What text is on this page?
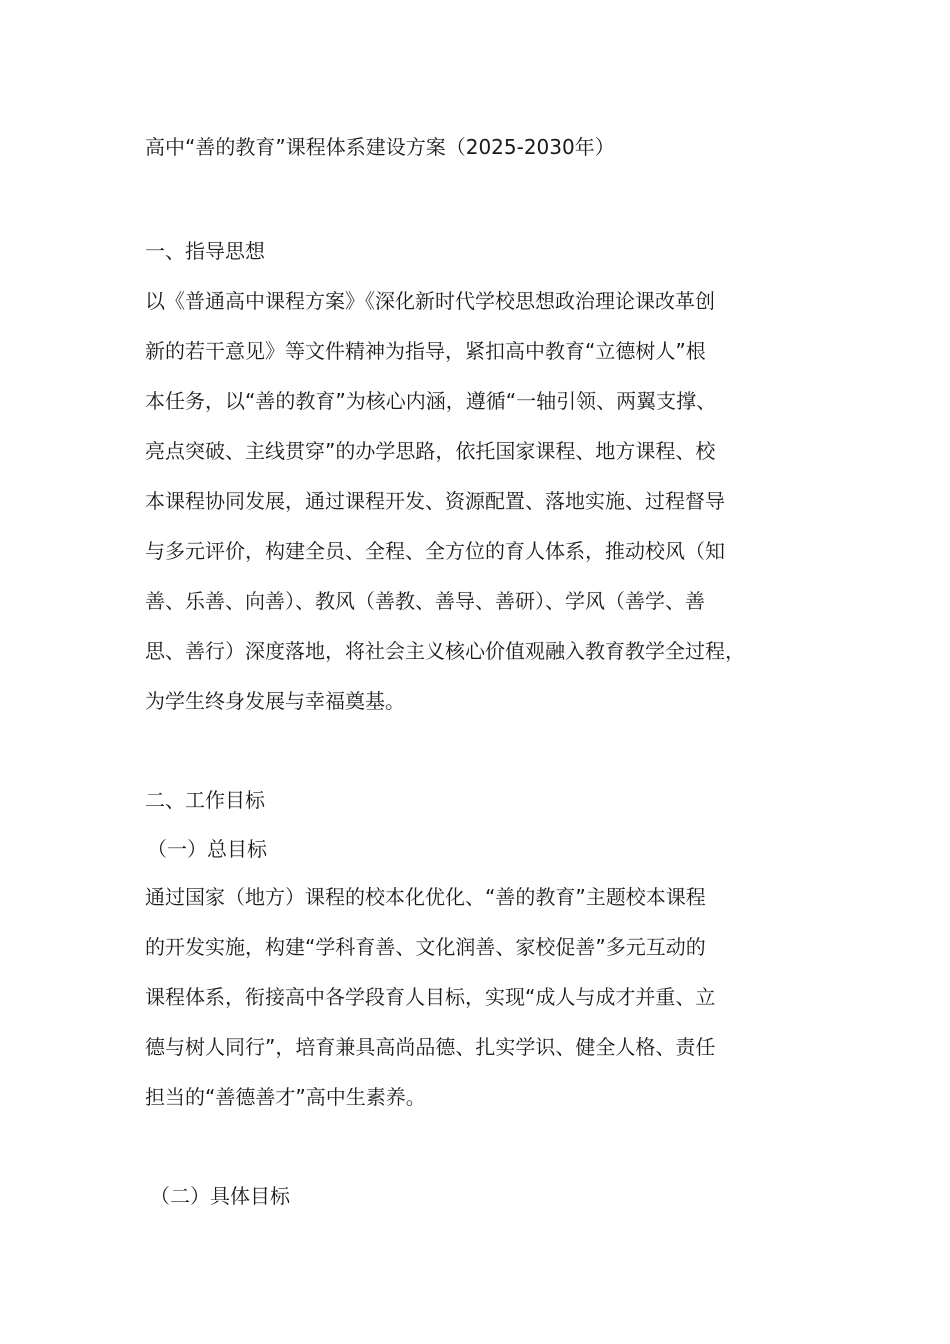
高中“善的教育”课程体系建设方案（2025-2030年）
一、指导思想
以《普通高中课程方案》《深化新时代学校思想政治理论课改革创
新的若干意见》等文件精神为指导，紧扣高中教育“立德树人”根
本任务，以“善的教育”为核心内涵，遵循“一轴引领、两翼支撑、
亮点突破、主线贯穿”的办学思路，依托国家课程、地方课程、校
本课程协同发展，通过课程开发、资源配置、落地实施、过程督导
与多元评价，构建全员、全程、全方位的育人体系，推动校风（知
善、乐善、向善）、教风（善教、善导、善研）、学风（善学、善
思、善行）深度落地，将社会主义核心价值观融入教育教学全过程，
为学生终身发展与幸福奠基。
二、工作目标
（一）总目标
通过国家（地方）课程的校本化优化、“善的教育”主题校本课程
的开发实施，构建“学科育善、文化润善、家校促善”多元互动的
课程体系，衔接高中各学段育人目标，实现“成人与成才并重、立
德与树人同行”，培育兼具高尚品德、扎实学识、健全人格、责任
担当的“善德善才”高中生素养。
（二）具体目标
